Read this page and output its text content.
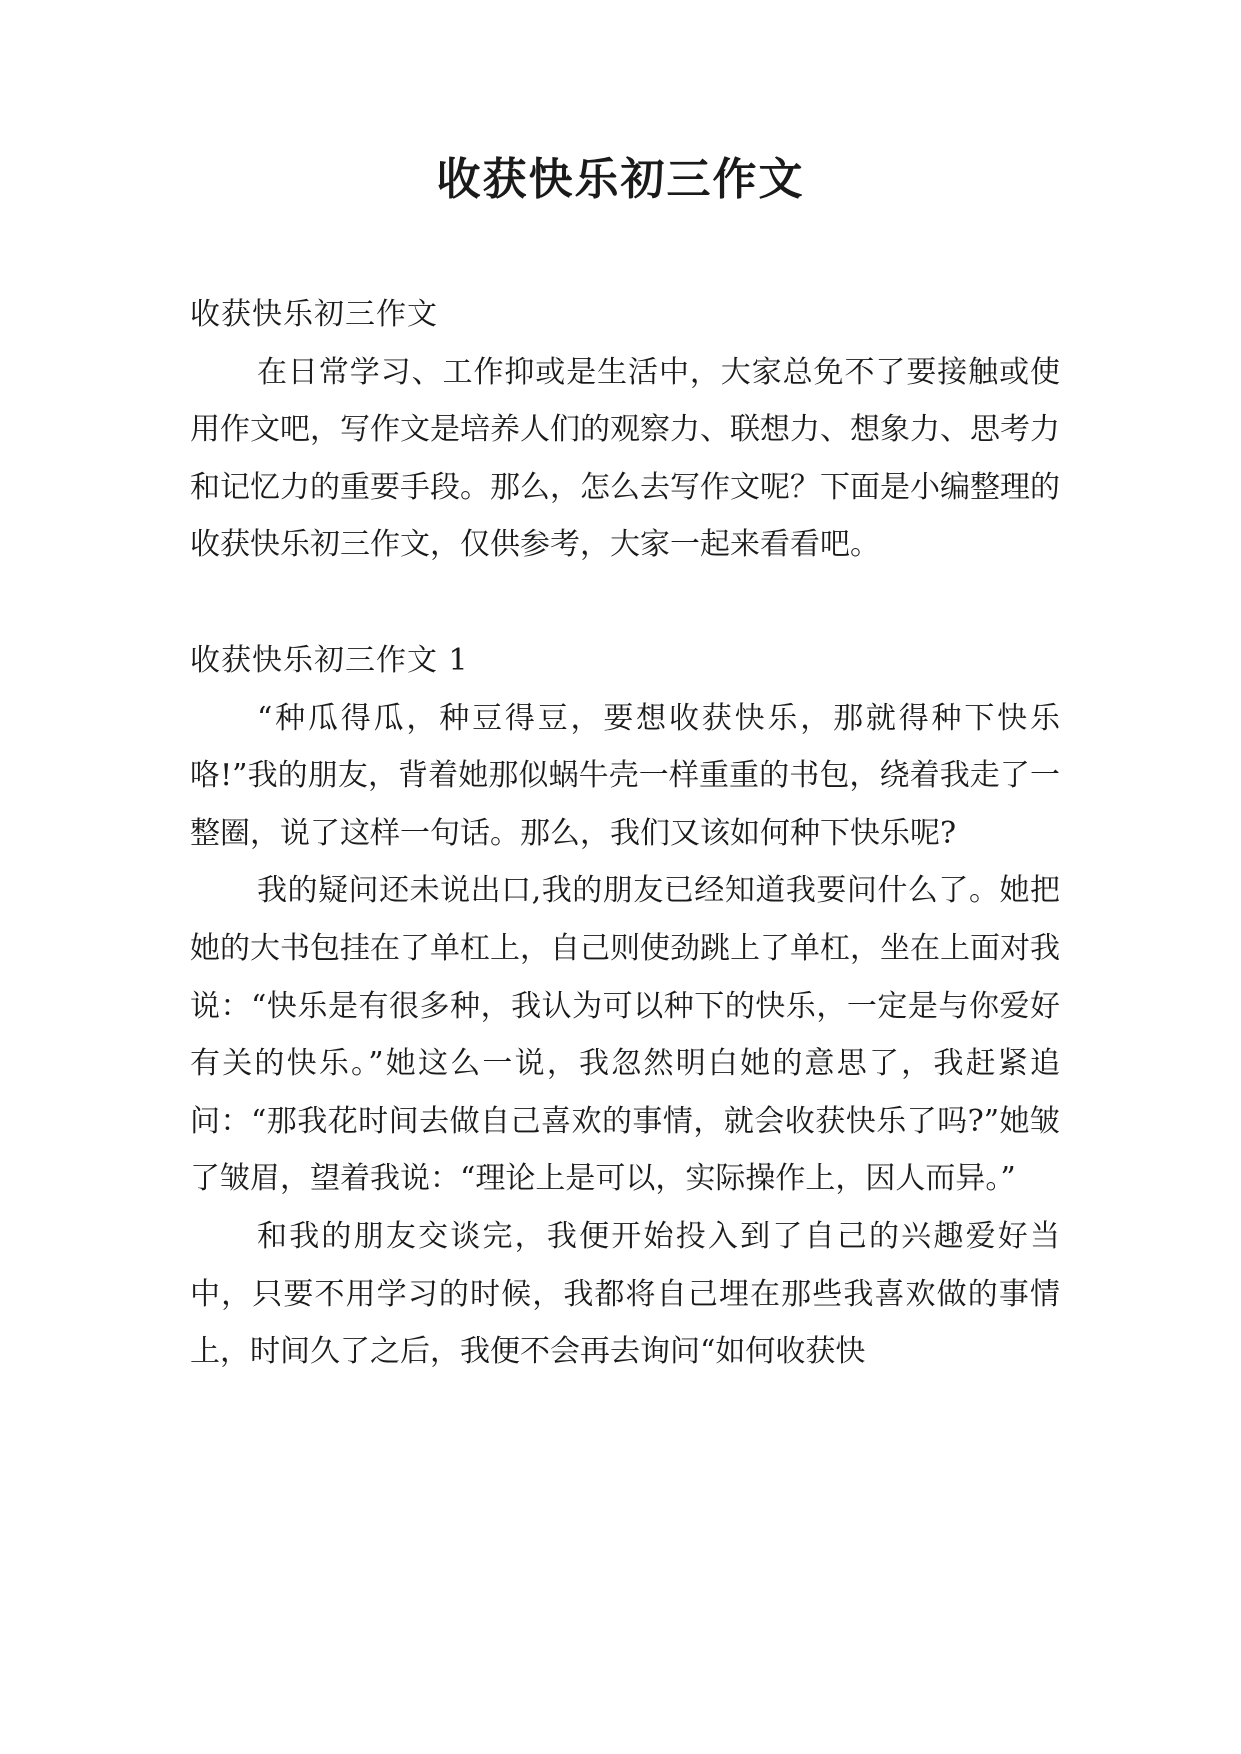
收获快乐初三作文

收获快乐初三作文

在日常学习、工作抑或是生活中，大家总免不了要接触或使用作文吧，写作文是培养人们的观察力、联想力、想象力、思考力和记忆力的重要手段。那么，怎么去写作文呢？下面是小编整理的收获快乐初三作文，仅供参考，大家一起来看看吧。

收获快乐初三作文 1

“种瓜得瓜，种豆得豆，要想收获快乐，那就得种下快乐咯!”我的朋友，背着她那似蜗牛壳一样重重的书包，绕着我走了一整圈，说了这样一句话。那么，我们又该如何种下快乐呢?

我的疑问还未说出口,我的朋友已经知道我要问什么了。她把她的大书包挂在了单杠上，自己则使劲跳上了单杠，坐在上面对我说：“快乐是有很多种，我认为可以种下的快乐，一定是与你爱好有关的快乐。”她这么一说，我忽然明白她的意思了，我赶紧追问：“那我花时间去做自己喜欢的事情，就会收获快乐了吗?”她皱了皱眉，望着我说：“理论上是可以，实际操作上，因人而异。”

和我的朋友交谈完，我便开始投入到了自己的兴趣爱好当中，只要不用学习的时候，我都将自己埋在那些我喜欢做的事情上，时间久了之后，我便不会再去询问“如何收获快
